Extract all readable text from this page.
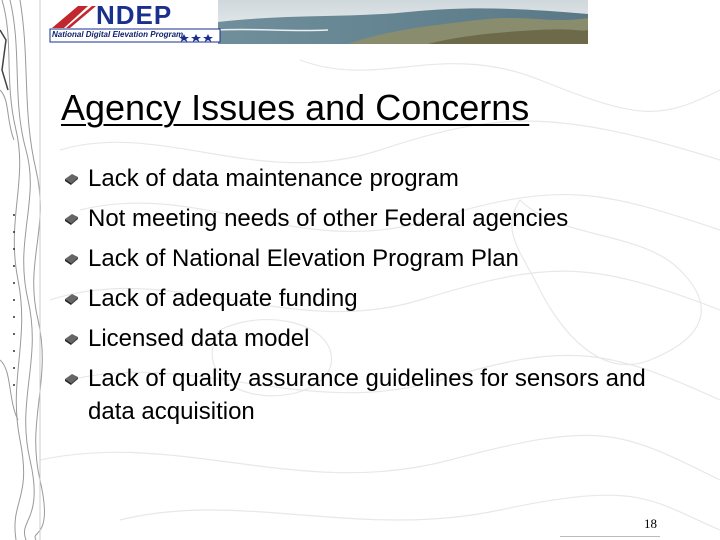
NDEP
National Digital Elevation Program
Agency Issues and Concerns
Lack of data maintenance program
Not meeting needs of other Federal agencies
Lack of National Elevation Program Plan
Lack of adequate funding
Licensed data model
Lack of quality assurance guidelines for sensors and data acquisition
18
